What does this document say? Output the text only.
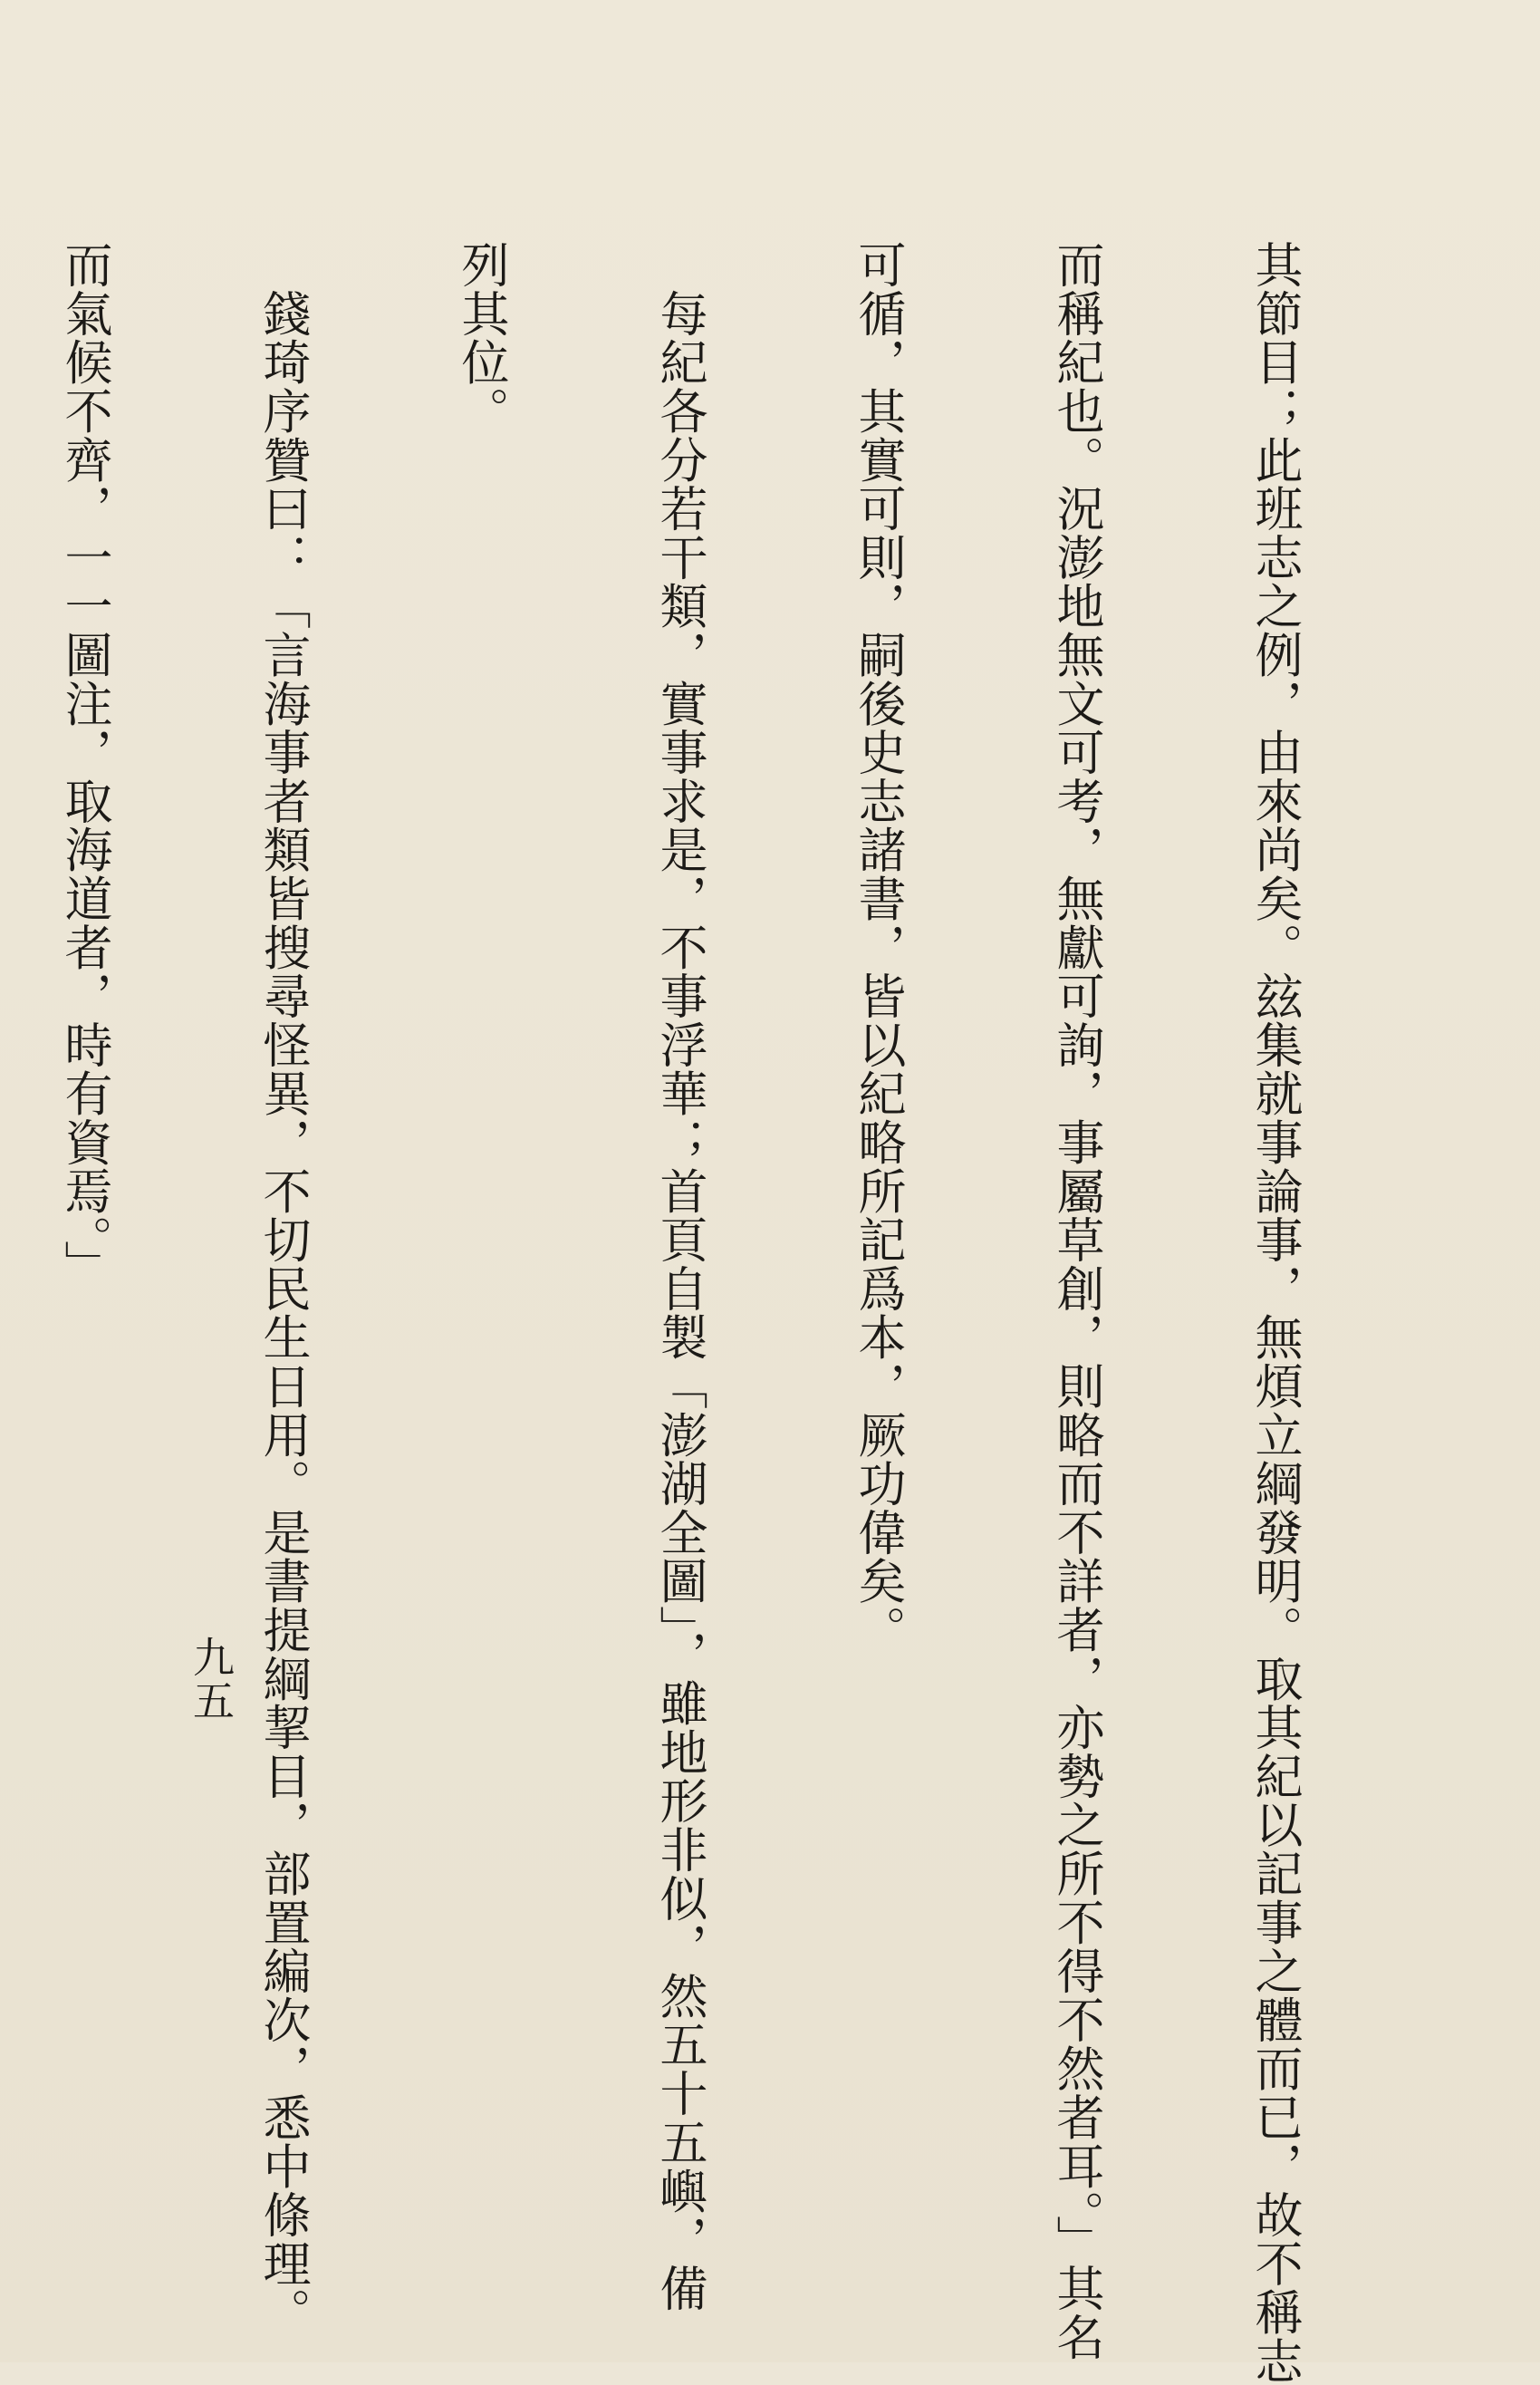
其節目；此班志之例，由來尚矣。玆集就事論事，無煩立綱發明。取其紀以記事之體而已，故不稱志

而稱紀也。況澎地無文可考，無獻可詢，事屬草創，則略而不詳者，亦勢之所不得不然者耳。」其名

可循，其實可則，嗣後史志諸書，皆以紀略所記爲本，厥功偉矣。

　每紀各分若干類，實事求是，不事浮華；首頁自製「澎湖全圖」，雖地形非似，然五十五嶼，備

列其位。

　錢琦序贊曰：「言海事者類皆搜尋怪異，不切民生日用。是書提綱挈目，部置編次，悉中條理。

而氣候不齊，一一圖注，取海道者，時有資焉。」

九五
